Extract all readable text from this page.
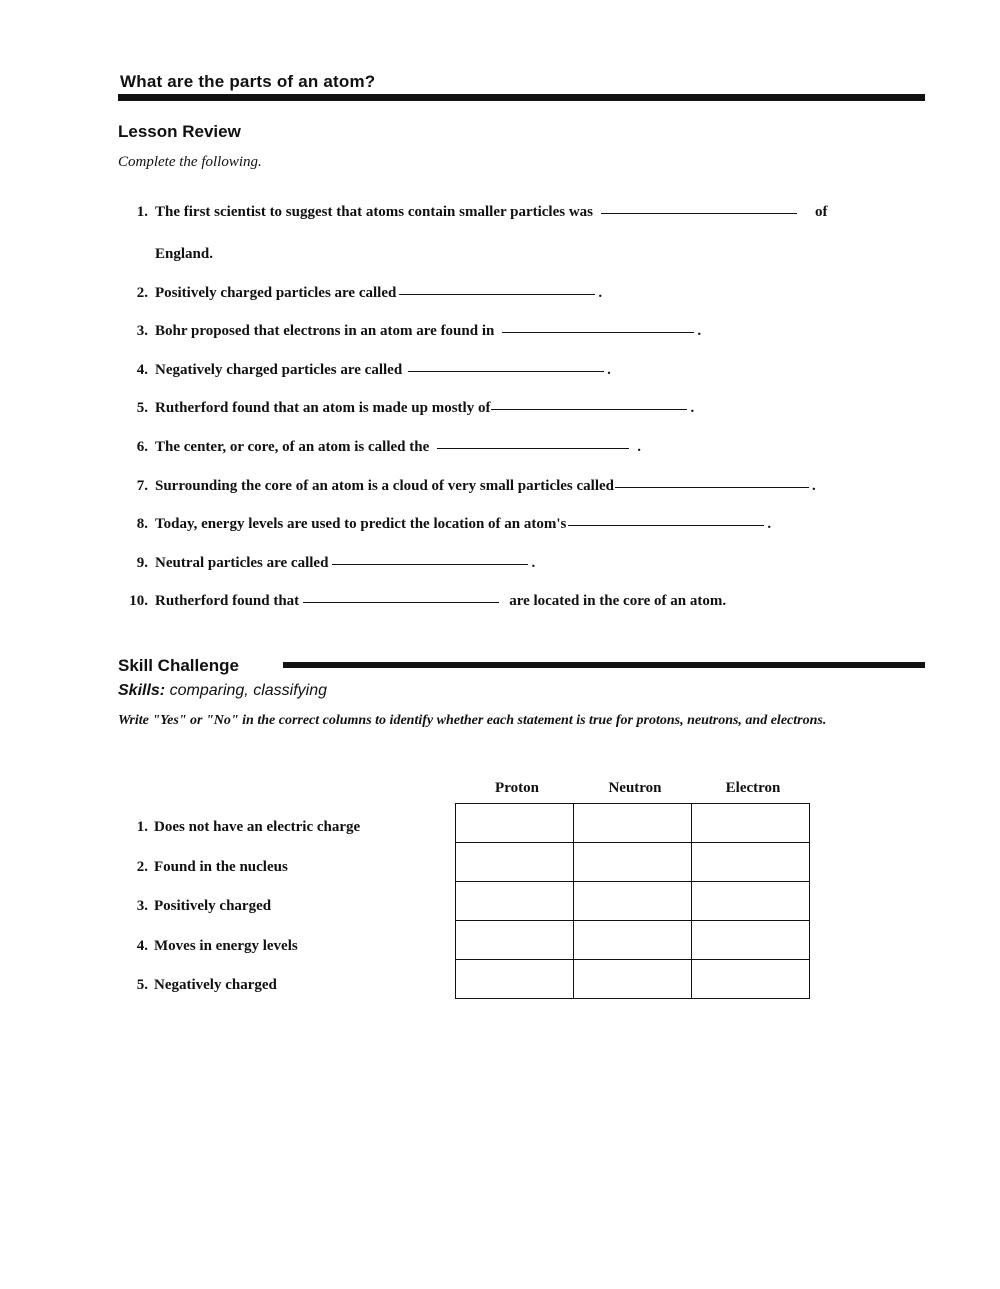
What are the parts of an atom?
Lesson Review
Complete the following.
1. The first scientist to suggest that atoms contain smaller particles was	of
England.
2. Positively charged particles are called	.
3. Bohr proposed that electrons in an atom are found in	.
4. Negatively charged particles are called	.
5. Rutherford found that an atom is made up mostly of	.
6. The center, or core, of an atom is called the	.
7. Surrounding the core of an atom is a cloud of very small particles called	.
8. Today, energy levels are used to predict the location of an atom's	.
9. Neutral particles are called	.
10. Rutherford found that	are located in the core of an atom.
Skill Challenge
Skills: comparing, classifying
Write "Yes" or "No" in the correct columns to identify whether each statement is true for protons, neutrons, and electrons.
Proton	Neutron	Electron

1. Does not have an electric charge
2. Found in the nucleus
3. Positively charged
4. Moves in energy levels
5. Negatively charged
